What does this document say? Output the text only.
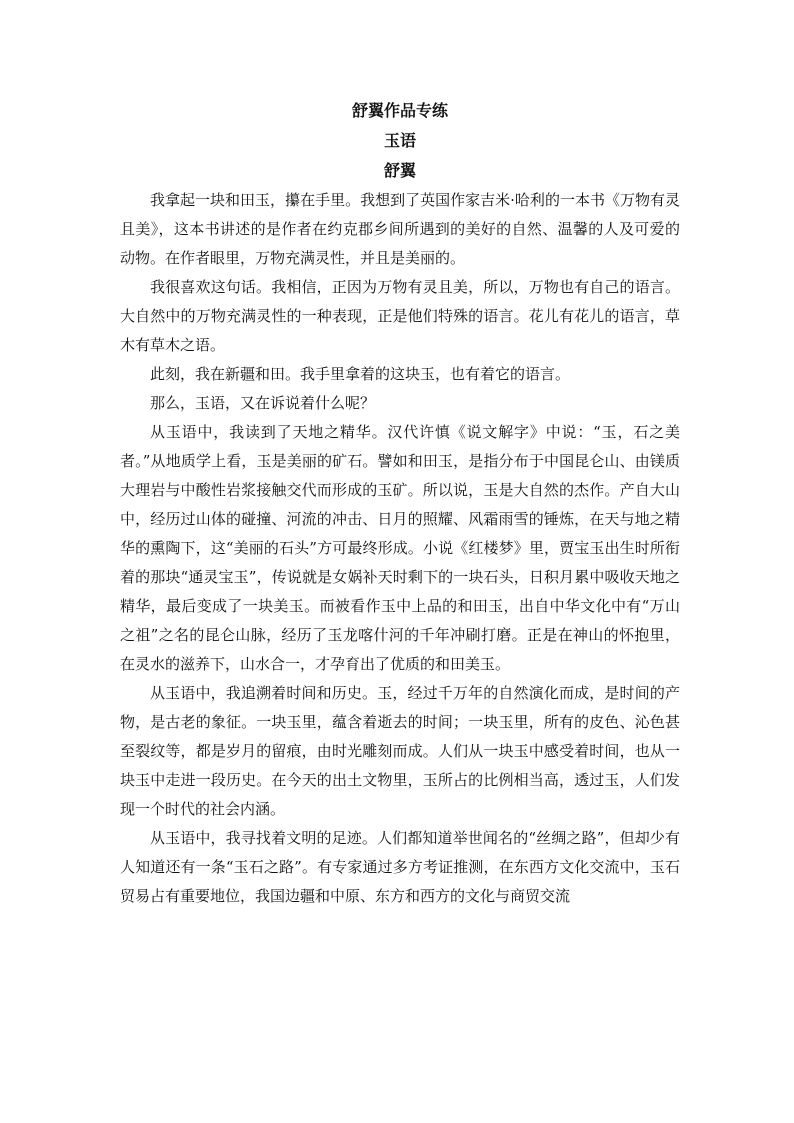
舒翼作品专练
玉语
舒翼

我拿起一块和田玉，攥在手里。我想到了英国作家吉米·哈利的一本书《万物有灵且美》，这本书讲述的是作者在约克郡乡间所遇到的美好的自然、温馨的人及可爱的动物。在作者眼里，万物充满灵性，并且是美丽的。

我很喜欢这句话。我相信，正因为万物有灵且美，所以，万物也有自己的语言。大自然中的万物充满灵性的一种表现，正是他们特殊的语言。花儿有花儿的语言，草木有草木之语。

此刻，我在新疆和田。我手里拿着的这块玉，也有着它的语言。

那么，玉语，又在诉说着什么呢？

从玉语中，我读到了天地之精华。汉代许慎《说文解字》中说：“玉，石之美者。”从地质学上看，玉是美丽的矿石。譬如和田玉，是指分布于中国昆仑山、由镁质大理岩与中酸性岩浆接触交代而形成的玉矿。所以说，玉是大自然的杰作。产自大山中，经历过山体的碰撞、河流的冲击、日月的照耀、风霜雨雪的锤炼，在天与地之精华的熏陶下，这“美丽的石头”方可最终形成。小说《红楼梦》里，贾宝玉出生时所衔着的那块“通灵宝玉”，传说就是女娲补天时剩下的一块石头，日积月累中吸收天地之精华，最后变成了一块美玉。而被看作玉中上品的和田玉，出自中华文化中有“万山之祖”之名的昆仑山脉，经历了玉龙喀什河的千年冲刷打磨。正是在神山的怀抱里，在灵水的滋养下，山水合一，才孕育出了优质的和田美玉。

从玉语中，我追溯着时间和历史。玉，经过千万年的自然演化而成，是时间的产物，是古老的象征。一块玉里，蕴含着逝去的时间；一块玉里，所有的皮色、沁色甚至裂纹等，都是岁月的留痕，由时光雕刻而成。人们从一块玉中感受着时间，也从一块玉中走进一段历史。在今天的出土文物里，玉所占的比例相当高，透过玉，人们发现一个时代的社会内涵。

从玉语中，我寻找着文明的足迹。人们都知道举世闻名的“丝绸之路”，但却少有人知道还有一条“玉石之路”。有专家通过多方考证推测，在东西方文化交流中，玉石贸易占有重要地位，我国边疆和中原、东方和西方的文化与商贸交流
